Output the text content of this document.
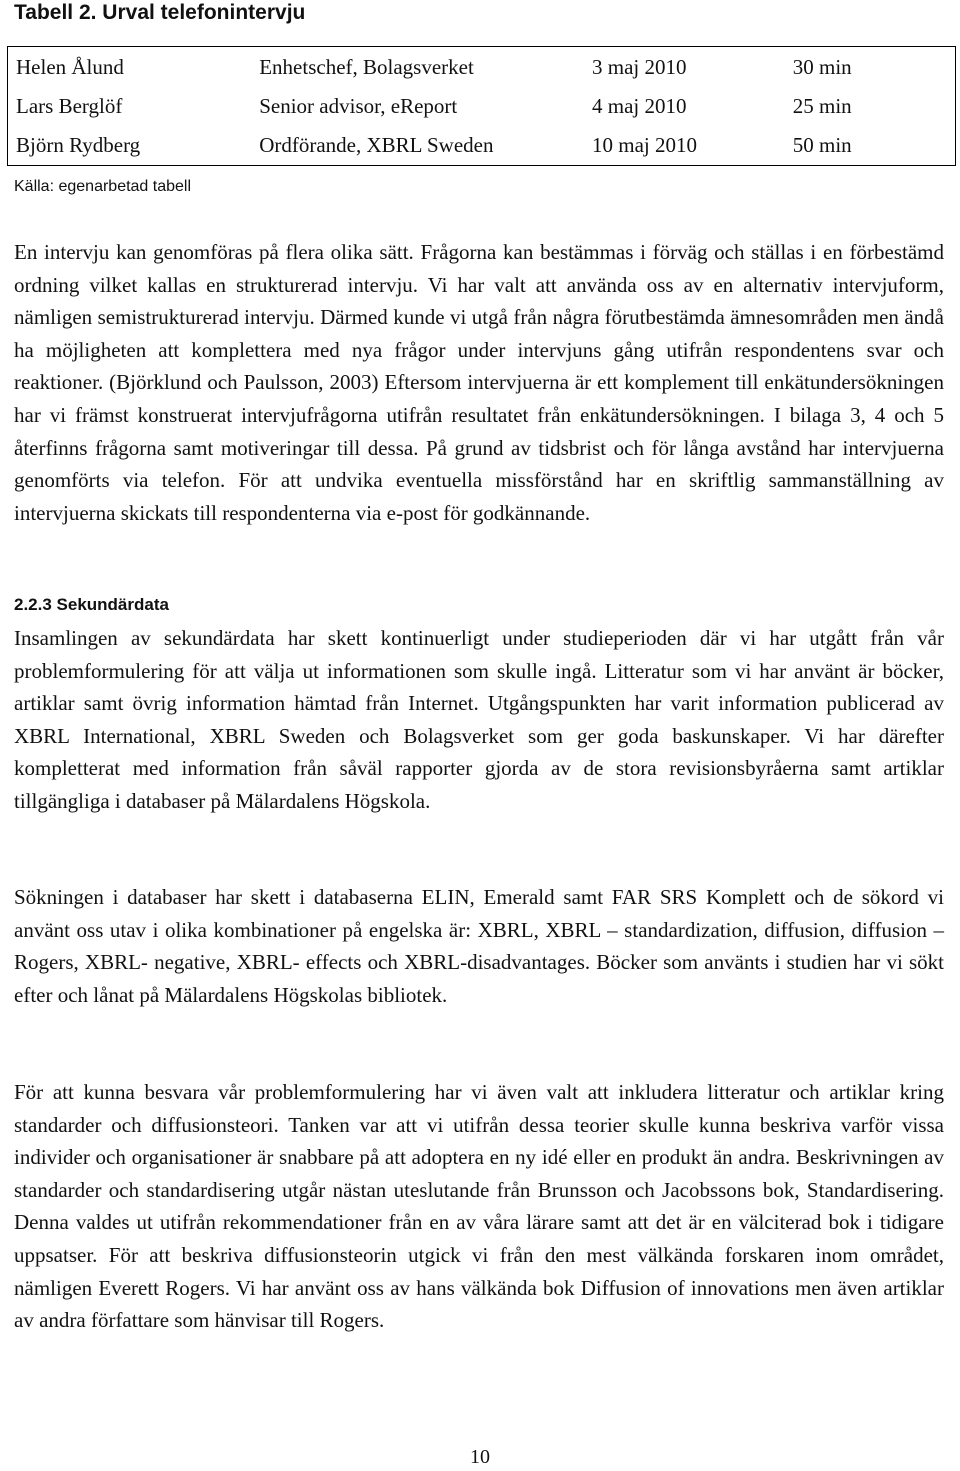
Tabell 2. Urval telefonintervju

Helen Ålund	Enhetschef, Bolagsverket	3 maj 2010	30 min
Lars Berglöf	Senior advisor, eReport	4 maj 2010	25 min
Björn Rydberg	Ordförande, XBRL Sweden	10 maj 2010	50 min

Källa: egenarbetad tabell

En intervju kan genomföras på flera olika sätt. Frågorna kan bestämmas i förväg och ställas i en förbestämd ordning vilket kallas en strukturerad intervju. Vi har valt att använda oss av en alternativ intervjuform, nämligen semistrukturerad intervju. Därmed kunde vi utgå från några förutbestämda ämnesområden men ändå ha möjligheten att komplettera med nya frågor under intervjuns gång utifrån respondentens svar och reaktioner. (Björklund och Paulsson, 2003) Eftersom intervjuerna är ett komplement till enkätundersökningen har vi främst konstruerat intervjufrågorna utifrån resultatet från enkätundersökningen. I bilaga 3, 4 och 5 återfinns frågorna samt motiveringar till dessa. På grund av tidsbrist och för långa avstånd har intervjuerna genomförts via telefon. För att undvika eventuella missförstånd har en skriftlig sammanställning av intervjuerna skickats till respondenterna via e-post för godkännande.

2.2.3 Sekundärdata

Insamlingen av sekundärdata har skett kontinuerligt under studieperioden där vi har utgått från vår problemformulering för att välja ut informationen som skulle ingå. Litteratur som vi har använt är böcker, artiklar samt övrig information hämtad från Internet. Utgångspunkten har varit information publicerad av XBRL International, XBRL Sweden och Bolagsverket som ger goda baskunskaper. Vi har därefter kompletterat med information från såväl rapporter gjorda av de stora revisionsbyråerna samt artiklar tillgängliga i databaser på Mälardalens Högskola.

Sökningen i databaser har skett i databaserna ELIN, Emerald samt FAR SRS Komplett och de sökord vi använt oss utav i olika kombinationer på engelska är: XBRL, XBRL – standardization, diffusion, diffusion – Rogers, XBRL- negative, XBRL- effects och XBRL-disadvantages. Böcker som använts i studien har vi sökt efter och lånat på Mälardalens Högskolas bibliotek.

För att kunna besvara vår problemformulering har vi även valt att inkludera litteratur och artiklar kring standarder och diffusionsteori. Tanken var att vi utifrån dessa teorier skulle kunna beskriva varför vissa individer och organisationer är snabbare på att adoptera en ny idé eller en produkt än andra. Beskrivningen av standarder och standardisering utgår nästan uteslutande från Brunsson och Jacobssons bok, Standardisering. Denna valdes ut utifrån rekommendationer från en av våra lärare samt att det är en välciterad bok i tidigare uppsatser. För att beskriva diffusionsteorin utgick vi från den mest välkända forskaren inom området, nämligen Everett Rogers. Vi har använt oss av hans välkända bok Diffusion of innovations men även artiklar av andra författare som hänvisar till Rogers.

10
